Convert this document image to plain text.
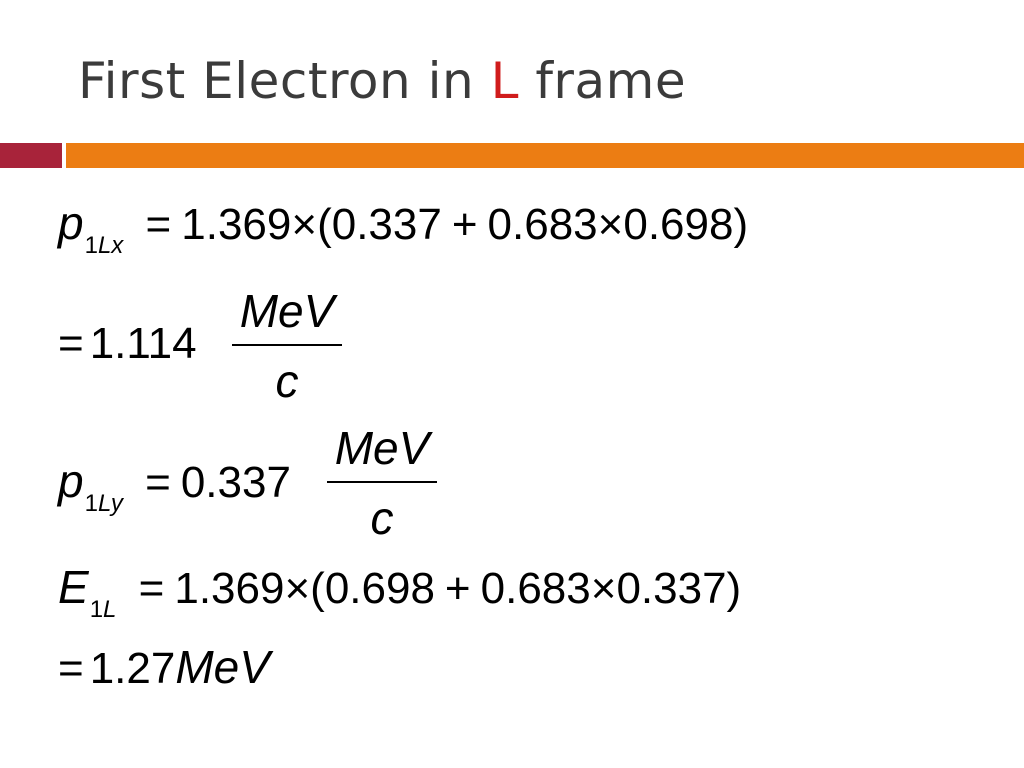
First Electron in L frame
$p_{1Lx} = 1.369\times(0.337 + 0.683\times 0.698)$
= 1.114
MeV
c
$p_{1Ly} = 0.337$
MeV
c
$E_{1L} = 1.369\times(0.698 + 0.683\times 0.337)$
= 1.27MeV
